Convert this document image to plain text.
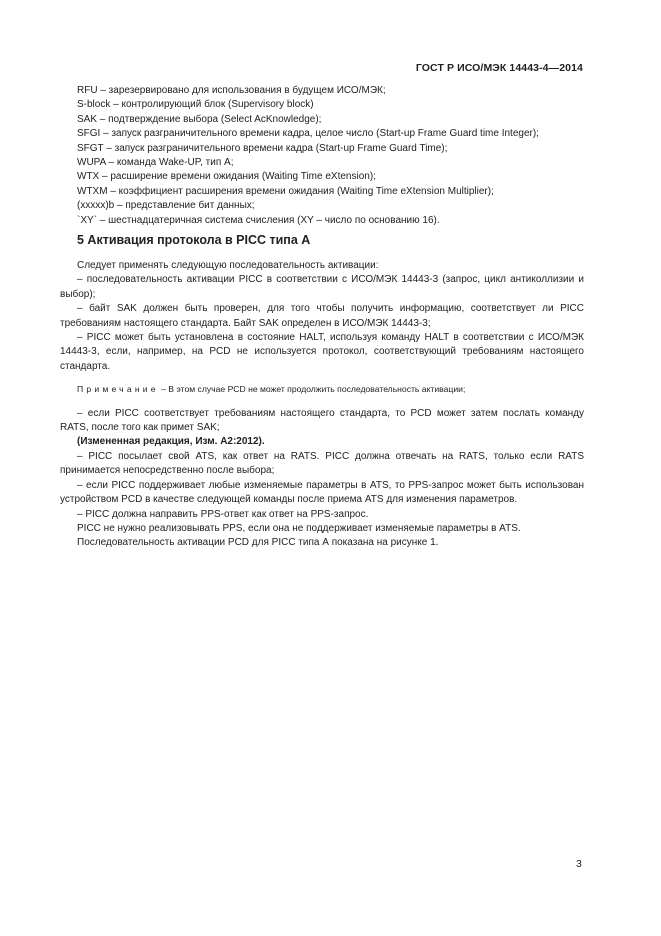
ГОСТ Р ИСО/МЭК 14443-4—2014
RFU – зарезервировано для использования в будущем ИСО/МЭК;
S-block – контролирующий блок (Supervisory block)
SAK – подтверждение выбора (Select AcKnowledge);
SFGI – запуск разграничительного времени кадра, целое число (Start-up Frame Guard time Integer);
SFGT – запуск разграничительного времени кадра (Start-up Frame Guard Time);
WUPA – команда Wake-UP, тип А;
WTX – расширение времени ожидания (Waiting Time eXtension);
WTXM – коэффициент расширения времени ожидания (Waiting Time eXtension Multiplier);
(xxxxx)b – представление бит данных;
`XY` – шестнадцатеричная система счисления (XY – число по основанию 16).
5 Активация протокола в PICC типа А

Следует применять следующую последовательность активации:

– последовательность активации PICC в соответствии с ИСО/МЭК 14443-3 (запрос, цикл антиколлизии и выбор);

– байт SAK должен быть проверен, для того чтобы получить информацию, соответствует ли PICC требованиям настоящего стандарта. Байт SAK определен в ИСО/МЭК 14443-3;

– PICC может быть установлена в состояние HALT, используя команду HALT в соответствии с ИСО/МЭК 14443-3, если, например, на PCD не используется протокол, соответствующий требованиям настоящего стандарта.

Примечание – В этом случае PCD не может продолжить последовательность активации;

– если PICC соответствует требованиям настоящего стандарта, то PCD может затем послать команду RATS, после того как примет SAK;

(Измененная редакция, Изм. А2:2012).

– PICC посылает свой ATS, как ответ на RATS. PICC должна отвечать на RATS, только если RATS принимается непосредственно после выбора;

– если PICC поддерживает любые изменяемые параметры в ATS, то PPS-запрос может быть использован устройством PCD в качестве следующей команды после приема ATS для изменения параметров.

– PICC должна направить PPS-ответ как ответ на PPS-запрос.

PICC не нужно реализовывать PPS, если она не поддерживает изменяемые параметры в ATS.

Последовательность активации PCD для PICC типа А показана на рисунке 1.

3
